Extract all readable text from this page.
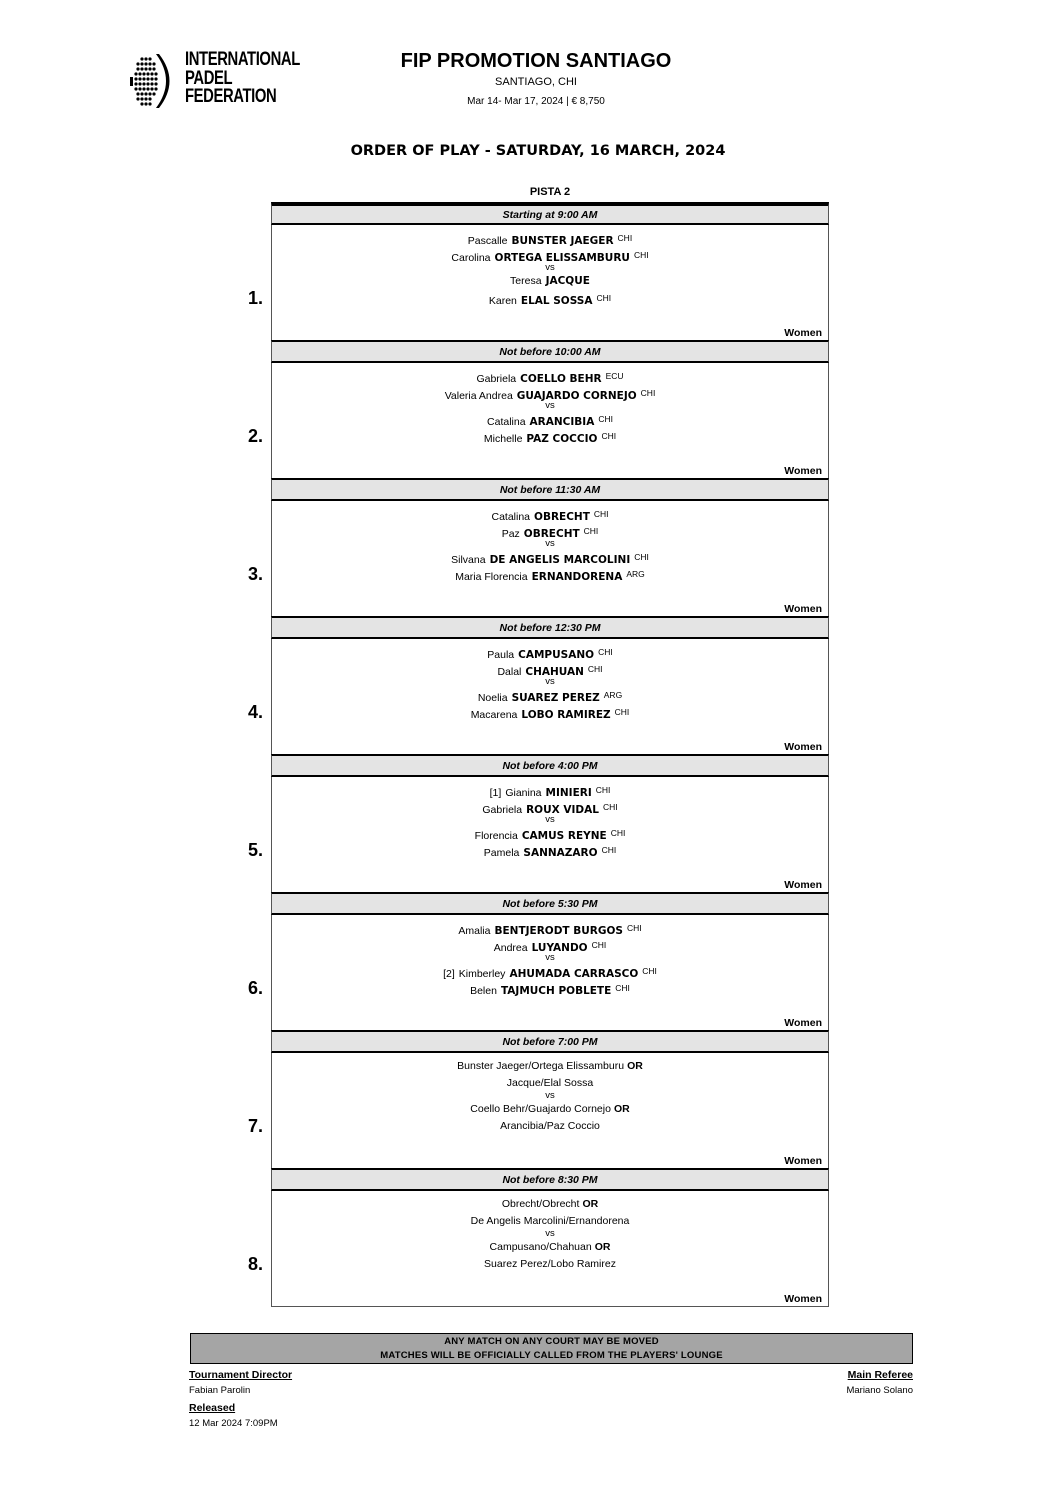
INTERNATIONAL
PADEL
FEDERATION
FIP PROMOTION SANTIAGO
SANTIAGO, CHI
Mar 14- Mar 17, 2024 | € 8,750
ORDER OF PLAY - SATURDAY, 16 MARCH, 2024
PISTA 2
Starting at 9:00 AM
1.
Pascalle BUNSTER JAEGER $^{CHI}$
Carolina ORTEGA ELISSAMBURU $^{CHI}$
vs
Teresa JACQUE
Karen ELAL SOSSA $^{CHI}$
Women
Not before 10:00 AM
2.
Gabriela COELLO BEHR $^{ECU}$
Valeria Andrea GUAJARDO CORNEJO $^{CHI}$
vs
Catalina ARANCIBIA $^{CHI}$
Michelle PAZ COCCIO $^{CHI}$
Women
Not before 11:30 AM
3.
Catalina OBRECHT $^{CHI}$
Paz OBRECHT $^{CHI}$
vs
Silvana DE ANGELIS MARCOLINI $^{CHI}$
Maria Florencia ERNANDORENA $^{ARG}$
Women
Not before 12:30 PM
4.
Paula CAMPUSANO $^{CHI}$
Dalal CHAHUAN $^{CHI}$
vs
Noelia SUAREZ PEREZ $^{ARG}$
Macarena LOBO RAMIREZ $^{CHI}$
Women
Not before 4:00 PM
5.
[1] Gianina MINIERI $^{CHI}$
Gabriela ROUX VIDAL $^{CHI}$
vs
Florencia CAMUS REYNE $^{CHI}$
Pamela SANNAZARO $^{CHI}$
Women
Not before 5:30 PM
6.
Amalia BENTJERODT BURGOS $^{CHI}$
Andrea LUYANDO $^{CHI}$
vs
[2] Kimberley AHUMADA CARRASCO $^{CHI}$
Belen TAJMUCH POBLETE $^{CHI}$
Women
Not before 7:00 PM
7.
Bunster Jaeger/Ortega Elissamburu OR
Jacque/Elal Sossa
vs
Coello Behr/Guajardo Cornejo OR
Arancibia/Paz Coccio
Women
Not before 8:30 PM
8.
Obrecht/Obrecht OR
De Angelis Marcolini/Ernandorena
vs
Campusano/Chahuan OR
Suarez Perez/Lobo Ramirez
Women
ANY MATCH ON ANY COURT MAY BE MOVED
MATCHES WILL BE OFFICIALLY CALLED FROM THE PLAYERS' LOUNGE
Tournament Director
Fabian Parolin
Main Referee
Mariano Solano
Released
12 Mar 2024 7:09PM
